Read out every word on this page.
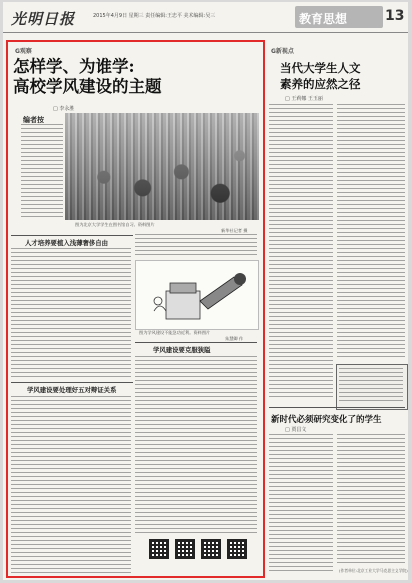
光明日报	2015年4月9日 星期三 责任编辑:王忠平 美术编辑:吴三	教育思想	13
G观察
怎样学、为谁学:
高校学风建设的主题
□ 李永胜
编者按
图为北京大学学生在图书馆自习。资料图片
新华社记者 摄
人才培养要植入浅薄奢侈自由
图为学风建设不能急功近利。资料图片
朱慧卿 作
学风建设要处理好五对辩证关系
学风建设要克服狭隘
G新视点
当代大学生人文
素养的应然之径
□ 王莉娜 王玉丽
新时代必须研究变化了的学生
□ 贾昌文
(作者单位:北京工业大学马克思主义学院)
